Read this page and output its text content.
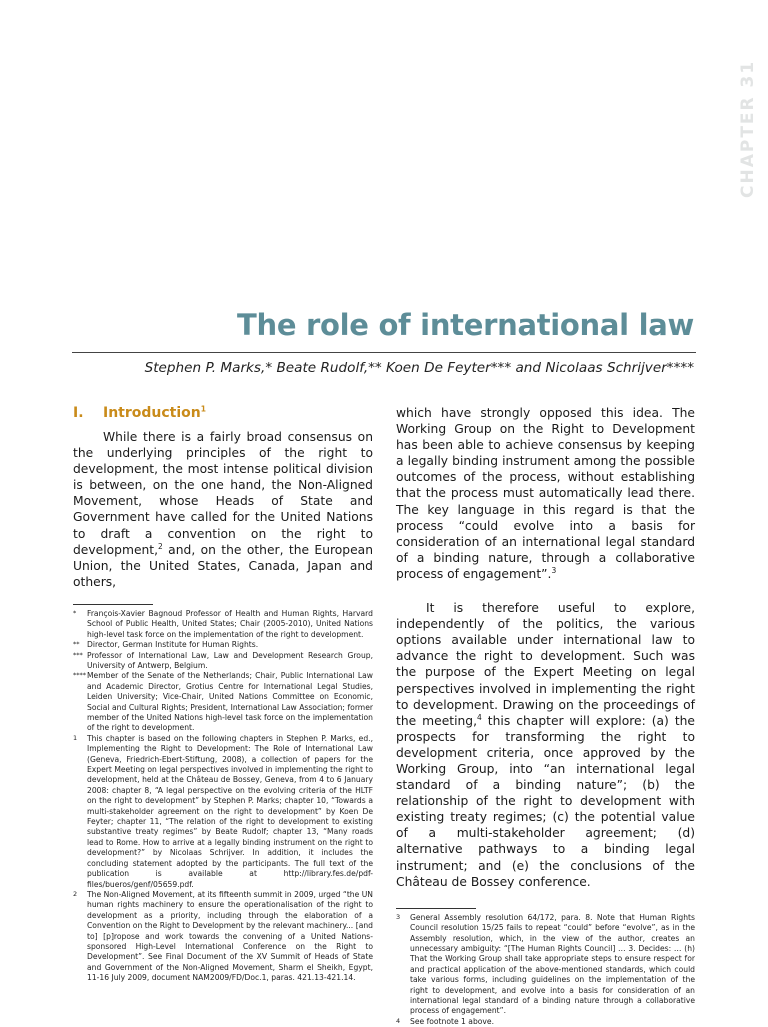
CHAPTER 31
The role of international law
Stephen P. Marks,* Beate Rudolf,** Koen De Feyter*** and Nicolaas Schrijver****
I.	Introduction$^1$

While there is a fairly broad consensus on the underlying principles of the right to development, the most intense political division is between, on the one hand, the Non-Aligned Movement, whose Heads of State and Government have called for the United Nations to draft a convention on the right to development,$^2$ and, on the other, the European Union, the United States, Canada, Japan and others,

*	François-Xavier Bagnoud Professor of Health and Human Rights, Harvard School of Public Health, United States; Chair (2005-2010), United Nations high-level task force on the implementation of the right to development.
** Director, German Institute for Human Rights.
*** Professor of International Law, Law and Development Research Group, University of Antwerp, Belgium.
**** Member of the Senate of the Netherlands; Chair, Public International Law and Academic Director, Grotius Centre for International Legal Studies, Leiden University; Vice-Chair, United Nations Committee on Economic, Social and Cultural Rights; President, International Law Association; former member of the United Nations high-level task force on the implementation of the right to development.
1	This chapter is based on the following chapters in Stephen P. Marks, ed., Implementing the Right to Development: The Role of International Law (Geneva, Friedrich-Ebert-Stiftung, 2008), a collection of papers for the Expert Meeting on legal perspectives involved in implementing the right to development, held at the Château de Bossey, Geneva, from 4 to 6 January 2008: chapter 8, “A legal perspective on the evolving criteria of the HLTF on the right to development” by Stephen P. Marks; chapter 10, “Towards a multi-stakeholder agreement on the right to development” by Koen De Feyter; chapter 11, “The relation of the right to development to existing substantive treaty regimes” by Beate Rudolf; chapter 13, “Many roads lead to Rome. How to arrive at a legally binding instrument on the right to development?” by Nicolaas Schrijver. In addition, it includes the concluding statement adopted by the participants. The full text of the publication is available at http://library.fes.de/pdf-files/bueros/genf/05659.pdf.
2	The Non-Aligned Movement, at its fifteenth summit in 2009, urged “the UN human rights machinery to ensure the operationalisation of the right to development as a priority, including through the elaboration of a Convention on the Right to Development by the relevant machinery... [and to] [p]ropose and work towards the convening of a United Nations-sponsored High-Level International Conference on the Right to Development”. See Final Document of the XV Summit of Heads of State and Government of the Non-Aligned Movement, Sharm el Sheikh, Egypt, 11-16 July 2009, document NAM2009/FD/Doc.1, paras. 421.13-421.14.

which have strongly opposed this idea. The Working Group on the Right to Development has been able to achieve consensus by keeping a legally binding instrument among the possible outcomes of the process, without establishing that the process must automatically lead there. The key language in this regard is that the process “could evolve into a basis for consideration of an international legal standard of a binding nature, through a collaborative process of engagement”.$^3$

It is therefore useful to explore, independently of the politics, the various options available under international law to advance the right to development. Such was the purpose of the Expert Meeting on legal perspectives involved in implementing the right to development. Drawing on the proceedings of the meeting,$^4$ this chapter will explore: (a) the prospects for transforming the right to development criteria, once approved by the Working Group, into “an international legal standard of a binding nature”; (b) the relationship of the right to development with existing treaty regimes; (c) the potential value of a multi-stakeholder agreement; (d) alternative pathways to a binding legal instrument; and (e) the conclusions of the Château de Bossey conference.

3	General Assembly resolution 64/172, para. 8. Note that Human Rights Council resolution 15/25 fails to repeat “could” before “evolve”, as in the Assembly resolution, which, in the view of the author, creates an unnecessary ambiguity: “[The Human Rights Council] … 3. Decides: … (h) That the Working Group shall take appropriate steps to ensure respect for and practical application of the above-mentioned standards, which could take various forms, including guidelines on the implementation of the right to development, and evolve into a basis for consideration of an international legal standard of a binding nature through a collaborative process of engagement”.
4	See footnote 1 above.
